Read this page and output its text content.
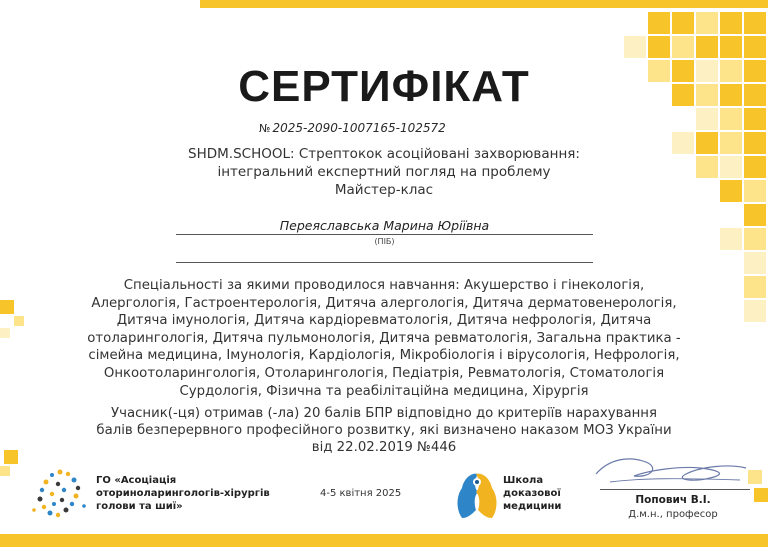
СЕРТИФІКАТ
№ 2025-2090-1007165-102572
SHDM.SCHOOL: Стрептокок асоційовані захворювання:
інтегральний експертний погляд на проблему
Майстер-клас
Переяславська Марина Юріївна
(ПІБ)
Спеціальності за якими проводилося навчання: Акушерство і гінекологія,
Алергологія, Гастроентерологія, Дитяча алергологія, Дитяча дерматовенерологія,
Дитяча імунологія, Дитяча кардіоревматологія, Дитяча нефрологія, Дитяча
отоларингологія, Дитяча пульмонологія, Дитяча ревматологія, Загальна практика -
сімейна медицина, Імунологія, Кардіологія, Мікробіологія і вірусологія, Нефрологія,
Онкоотоларингологія, Отоларингологія, Педіатрія, Ревматологія, Стоматологія
Сурдологія, Фізична та реабілітаційна медицина, Хірургія
Учасник(-ця) отримав (-ла) 20 балів БПР відповідно до критеріїв нарахування
балів безперервного професійного розвитку, які визначено наказом МОЗ України
від 22.02.2019 №446
ГО «Асоціація
оториноларингологів-хірургів
голови та шиї»
4-5 квітня 2025
Школа
доказової
медицини
Попович В.І.
Д.м.н., професор
